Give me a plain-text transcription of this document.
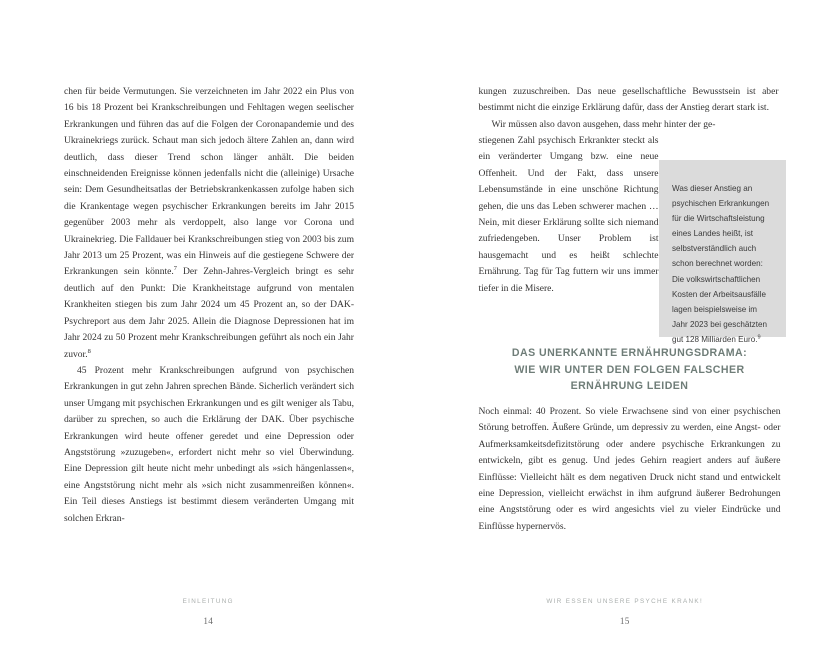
chen für beide Vermutungen. Sie verzeichneten im Jahr 2022 ein Plus von 16 bis 18 Prozent bei Krankschreibungen und Fehltagen wegen seelischer Erkrankungen und führen das auf die Folgen der Coronapandemie und des Ukrainekriegs zurück. Schaut man sich jedoch ältere Zahlen an, dann wird deutlich, dass dieser Trend schon länger anhält. Die beiden einschneidenden Ereignisse können jedenfalls nicht die (alleinige) Ursache sein: Dem Gesundheitsatlas der Betriebskrankenkassen zufolge haben sich die Krankentage wegen psychischer Erkrankungen bereits im Jahr 2015 gegenüber 2003 mehr als verdoppelt, also lange vor Corona und Ukrainekrieg. Die Falldauer bei Krankschreibungen stieg von 2003 bis zum Jahr 2013 um 25 Prozent, was ein Hinweis auf die gestiegene Schwere der Erkrankungen sein könnte.$^7$ Der Zehn-Jahres-Vergleich bringt es sehr deutlich auf den Punkt: Die Krankheitstage aufgrund von mentalen Krankheiten stiegen bis zum Jahr 2024 um 45 Prozent an, so der DAK-Psychreport aus dem Jahr 2025. Allein die Diagnose Depressionen hat im Jahr 2024 zu 50 Prozent mehr Krankschreibungen geführt als noch ein Jahr zuvor.$^8$

45 Prozent mehr Krankschreibungen aufgrund von psychischen Erkrankungen in gut zehn Jahren sprechen Bände. Sicherlich verändert sich unser Umgang mit psychischen Erkrankungen und es gilt weniger als Tabu, darüber zu sprechen, so auch die Erklärung der DAK. Über psychische Erkrankungen wird heute offener geredet und eine Depression oder Angststörung »zuzugeben«, erfordert nicht mehr so viel Überwindung. Eine Depression gilt heute nicht mehr unbedingt als »sich hängenlassen«, eine Angststörung nicht mehr als »sich nicht zusammenreißen können«. Ein Teil dieses Anstiegs ist bestimmt diesem veränderten Umgang mit solchen Erkran-

EINLEITUNG
14

kungen zuzuschreiben. Das neue gesellschaftliche Bewusstsein ist aber bestimmt nicht die einzige Erklärung dafür, dass der Anstieg derart stark ist.

Wir müssen also davon ausgehen, dass mehr hinter der ge-

stiegenen Zahl psychisch Erkrankter steckt als ein veränderter Umgang bzw. eine neue Offenheit. Und der Fakt, dass unsere Lebensumstände in eine unschöne Richtung gehen, die uns das Leben schwerer machen … Nein, mit dieser Erklärung sollte sich niemand zufriedengeben. Unser Problem ist hausgemacht und es heißt schlechte Ernährung. Tag für Tag futtern wir uns immer tiefer in die Misere.

Was dieser Anstieg an psychischen Erkrankungen für die Wirtschaftsleistung eines Landes heißt, ist selbstverständlich auch schon berechnet worden: Die volkswirtschaftlichen Kosten der Arbeitsausfälle lagen beispielsweise im Jahr 2023 bei geschätzten gut 128 Milliarden Euro.$^9$
DAS UNERKANNTE ERNÄHRUNGSDRAMA:
WIE WIR UNTER DEN FOLGEN FALSCHER
ERNÄHRUNG LEIDEN

Noch einmal: 40 Prozent. So viele Erwachsene sind von einer psychischen Störung betroffen. Äußere Gründe, um depressiv zu werden, eine Angst- oder Aufmerksamkeitsdefizitstörung oder andere psychische Erkrankungen zu entwickeln, gibt es genug. Und jedes Gehirn reagiert anders auf äußere Einflüsse: Vielleicht hält es dem negativen Druck nicht stand und entwickelt eine Depression, vielleicht erwächst in ihm aufgrund äußerer Bedrohungen eine Angststörung oder es wird angesichts viel zu vieler Eindrücke und Einflüsse hypernervös.

WIR ESSEN UNSERE PSYCHE KRANK!
15
